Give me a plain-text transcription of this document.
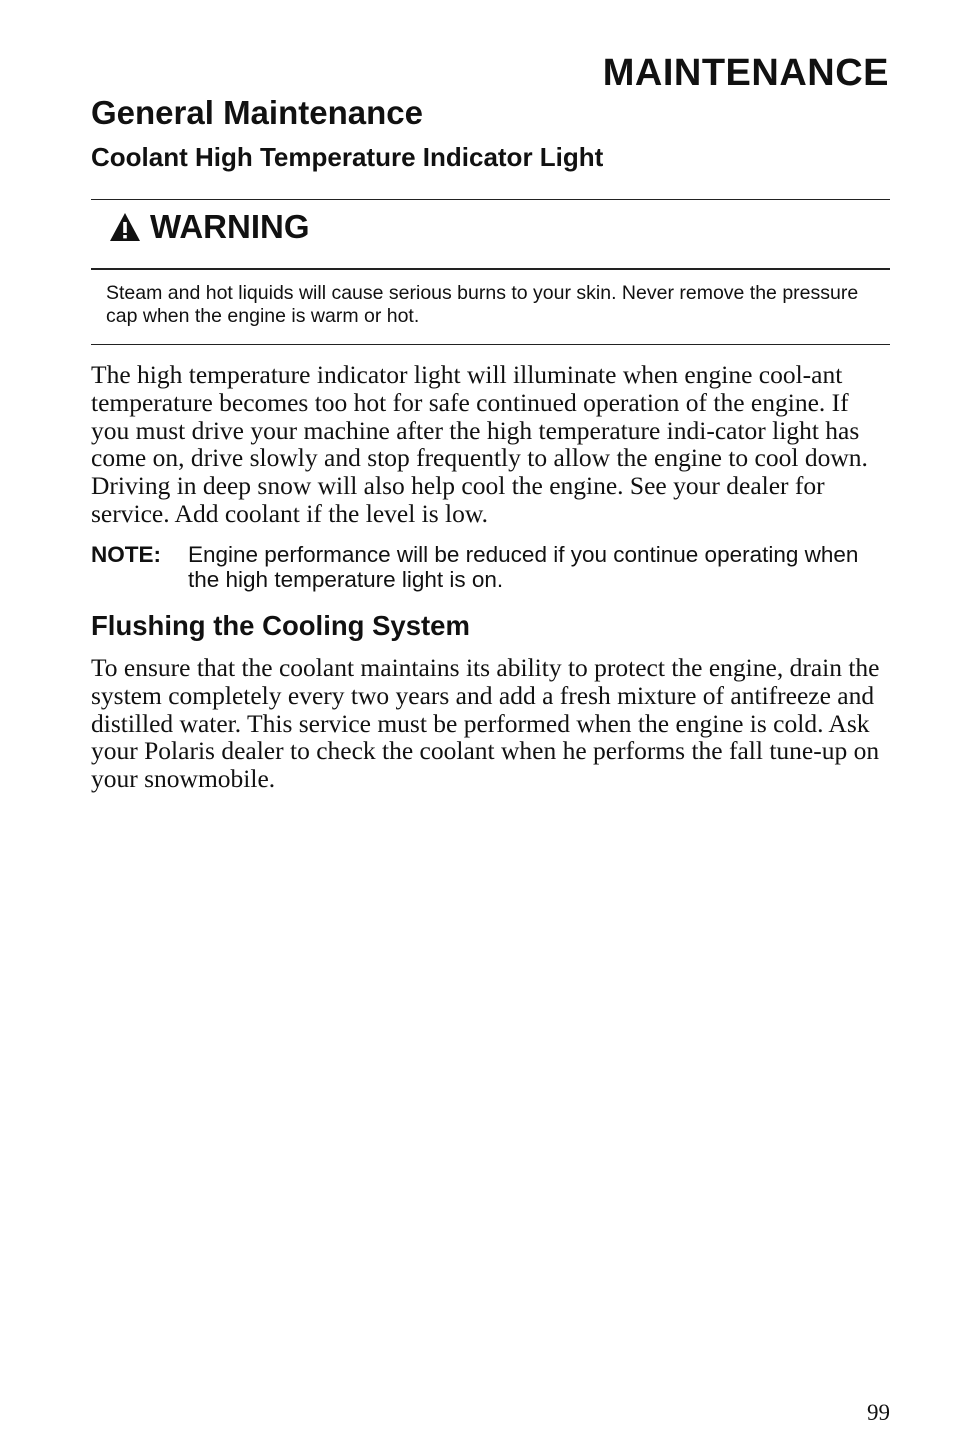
MAINTENANCE
General Maintenance
Coolant High Temperature Indicator Light
WARNING
Steam and hot liquids will cause serious burns to your skin. Never remove the pressure cap when the engine is warm or hot.
The high temperature indicator light will illuminate when engine cool-ant temperature becomes too hot for safe continued operation of the engine. If you must drive your machine after the high temperature indi-cator light has come on, drive slowly and stop frequently to allow the engine to cool down. Driving in deep snow will also help cool the engine. See your dealer for service. Add coolant if the level is low.
NOTE:	Engine performance will be reduced if you continue operating when the high temperature light is on.
Flushing the Cooling System
To ensure that the coolant maintains its ability to protect the engine, drain the system completely every two years and add a fresh mixture of antifreeze and distilled water. This service must be performed when the engine is cold. Ask your Polaris dealer to check the coolant when he performs the fall tune-up on your snowmobile.
99
